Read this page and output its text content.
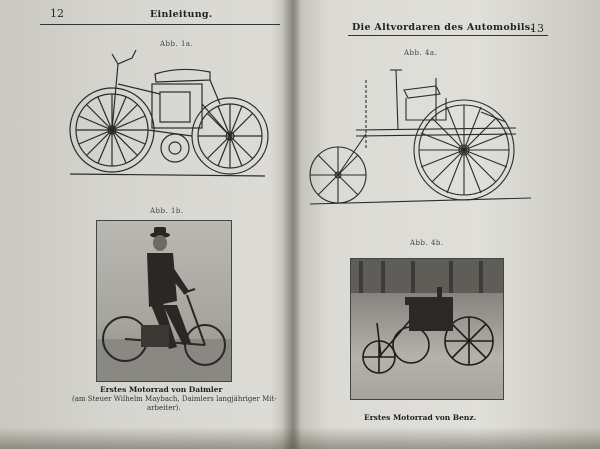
12	Einleitung.
Abb. 1a.
Abb. 1b.
Erstes Motorrad von Daimler
(am Steuer Wilhelm Maybach, Daimlers langjähriger Mit-
arbeiter).
Die Altvordaren des Automobils.
13
Abb. 4a.
Abb. 4b.
Erstes Motorrad von Benz.
